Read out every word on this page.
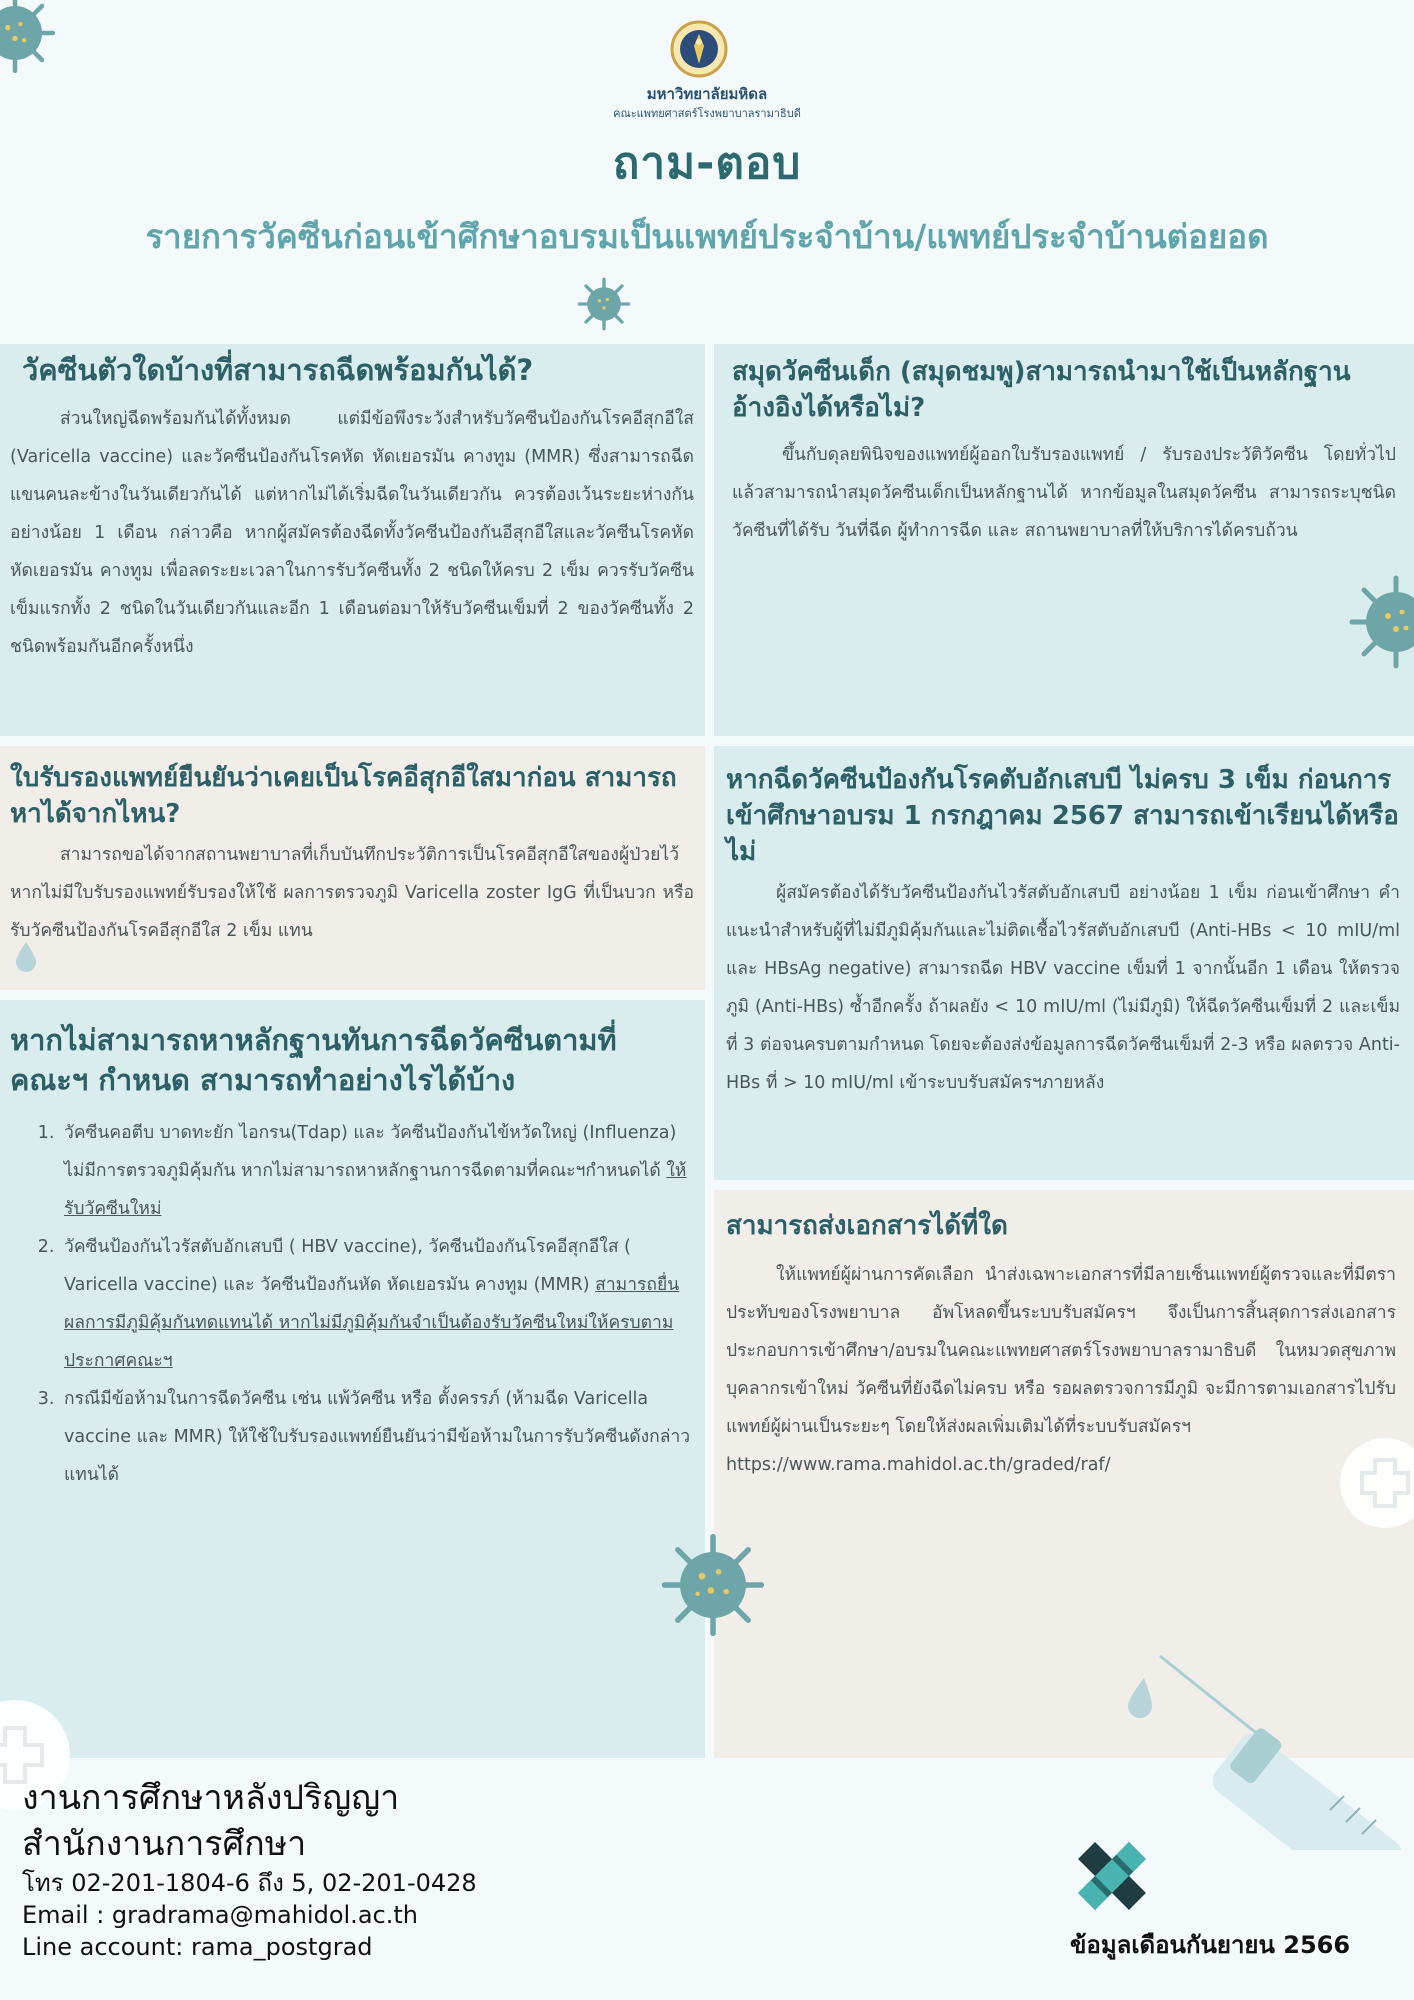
มหาวิทยาลัยมหิดล
คณะแพทยศาสตร์โรงพยาบาลรามาธิบดี
ถาม-ตอบ
รายการวัคซีนก่อนเข้าศึกษาอบรมเป็นแพทย์ประจำบ้าน/แพทย์ประจำบ้านต่อยอด
วัคซีนตัวใดบ้างที่สามารถฉีดพร้อมกันได้?

ส่วนใหญ่ฉีดพร้อมกันได้ทั้งหมด แต่มีข้อพึงระวังสำหรับวัคซีนป้องกันโรคอีสุกอีใส (Varicella vaccine) และวัคซีนป้องกันโรคหัด หัดเยอรมัน คางทูม (MMR) ซึ่งสามารถฉีดแขนคนละข้างในวันเดียวกันได้ แต่หากไม่ได้เริ่มฉีดในวันเดียวกัน ควรต้องเว้นระยะห่างกันอย่างน้อย 1 เดือน กล่าวคือ หากผู้สมัครต้องฉีดทั้งวัคซีนป้องกันอีสุกอีใสและวัคซีนโรคหัด หัดเยอรมัน คางทูม เพื่อลดระยะเวลาในการรับวัคซีนทั้ง 2 ชนิดให้ครบ 2 เข็ม ควรรับวัคซีนเข็มแรกทั้ง 2 ชนิดในวันเดียวกันและอีก 1 เดือนต่อมาให้รับวัคซีนเข็มที่ 2 ของวัคซีนทั้ง 2 ชนิดพร้อมกันอีกครั้งหนึ่ง

สมุดวัคซีนเด็ก (สมุดชมพู)สามารถนำมาใช้เป็นหลักฐานอ้างอิงได้หรือไม่?

ขึ้นกับดุลยพินิจของแพทย์ผู้ออกใบรับรองแพทย์ / รับรองประวัติวัคซีน โดยทั่วไปแล้วสามารถนำสมุดวัคซีนเด็กเป็นหลักฐานได้ หากข้อมูลในสมุดวัคซีน สามารถระบุชนิดวัคซีนที่ได้รับ วันที่ฉีด ผู้ทำการฉีด และ สถานพยาบาลที่ให้บริการได้ครบถ้วน

ใบรับรองแพทย์ยืนยันว่าเคยเป็นโรคอีสุกอีใสมาก่อน สามารถหาได้จากไหน?

สามารถขอได้จากสถานพยาบาลที่เก็บบันทึกประวัติการเป็นโรคอีสุกอีใสของผู้ป่วยไว้ หากไม่มีใบรับรองแพทย์รับรองให้ใช้ ผลการตรวจภูมิ Varicella zoster IgG ที่เป็นบวก หรือ รับวัคซีนป้องกันโรคอีสุกอีใส 2 เข็ม แทน

หากฉีดวัคซีนป้องกันโรคตับอักเสบบี ไม่ครบ 3 เข็ม ก่อนการเข้าศึกษาอบรม 1 กรกฎาคม 2567 สามารถเข้าเรียนได้หรือไม่

ผู้สมัครต้องได้รับวัคซีนป้องกันไวรัสตับอักเสบบี อย่างน้อย 1 เข็ม ก่อนเข้าศึกษา คำแนะนำสำหรับผู้ที่ไม่มีภูมิคุ้มกันและไม่ติดเชื้อไวรัสตับอักเสบบี (Anti-HBs < 10 mIU/ml และ HBsAg negative) สามารถฉีด HBV vaccine เข็มที่ 1 จากนั้นอีก 1 เดือน ให้ตรวจภูมิ (Anti-HBs) ซ้ำอีกครั้ง ถ้าผลยัง < 10 mIU/ml (ไม่มีภูมิ) ให้ฉีดวัคซีนเข็มที่ 2 และเข็มที่ 3 ต่อจนครบตามกำหนด โดยจะต้องส่งข้อมูลการฉีดวัคซีนเข็มที่ 2-3 หรือ ผลตรวจ Anti-HBs ที่ > 10 mIU/ml เข้าระบบรับสมัครฯภายหลัง

หากไม่สามารถหาหลักฐานทันการฉีดวัคซีนตามที่คณะฯ กำหนด สามารถทำอย่างไรได้บ้าง
1. วัคซีนคอตีบ บาดทะยัก ไอกรน(Tdap) และ วัคซีนป้องกันไข้หวัดใหญ่ (Influenza) ไม่มีการตรวจภูมิคุ้มกัน หากไม่สามารถหาหลักฐานการฉีดตามที่คณะฯกำหนดได้ ให้รับวัคซีนใหม่
2. วัคซีนป้องกันไวรัสตับอักเสบบี ( HBV vaccine), วัคซีนป้องกันโรคอีสุกอีใส ( Varicella vaccine) และ วัคซีนป้องกันหัด หัดเยอรมัน คางทูม (MMR) สามารถยื่นผลการมีภูมิคุ้มกันทดแทนได้ หากไม่มีภูมิคุ้มกันจำเป็นต้องรับวัคซีนใหม่ให้ครบตามประกาศคณะฯ
3. กรณีมีข้อห้ามในการฉีดวัคซีน เช่น แพ้วัคซีน หรือ ตั้งครรภ์ (ห้ามฉีด Varicella vaccine และ MMR) ให้ใช้ใบรับรองแพทย์ยืนยันว่ามีข้อห้ามในการรับวัคซีนดังกล่าวแทนได้
สามารถส่งเอกสารได้ที่ใด

ให้แพทย์ผู้ผ่านการคัดเลือก นำส่งเฉพาะเอกสารที่มีลายเซ็นแพทย์ผู้ตรวจและที่มีตราประทับของโรงพยาบาล อัพโหลดขึ้นระบบรับสมัครฯ จึงเป็นการสิ้นสุดการส่งเอกสารประกอบการเข้าศึกษา/อบรมในคณะแพทยศาสตร์โรงพยาบาลรามาธิบดี ในหมวดสุขภาพบุคลากรเข้าใหม่ วัคซีนที่ยังฉีดไม่ครบ หรือ รอผลตรวจการมีภูมิ จะมีการตามเอกสารไปรับแพทย์ผู้ผ่านเป็นระยะๆ โดยให้ส่งผลเพิ่มเติมได้ที่ระบบรับสมัครฯ

https://www.rama.mahidol.ac.th/graded/raf/

งานการศึกษาหลังปริญญา
สำนักงานการศึกษา
โทร 02-201-1804-6 ถึง 5, 02-201-0428
Email : gradrama@mahidol.ac.th
Line account: rama_postgrad	ข้อมูลเดือนกันยายน 2566
